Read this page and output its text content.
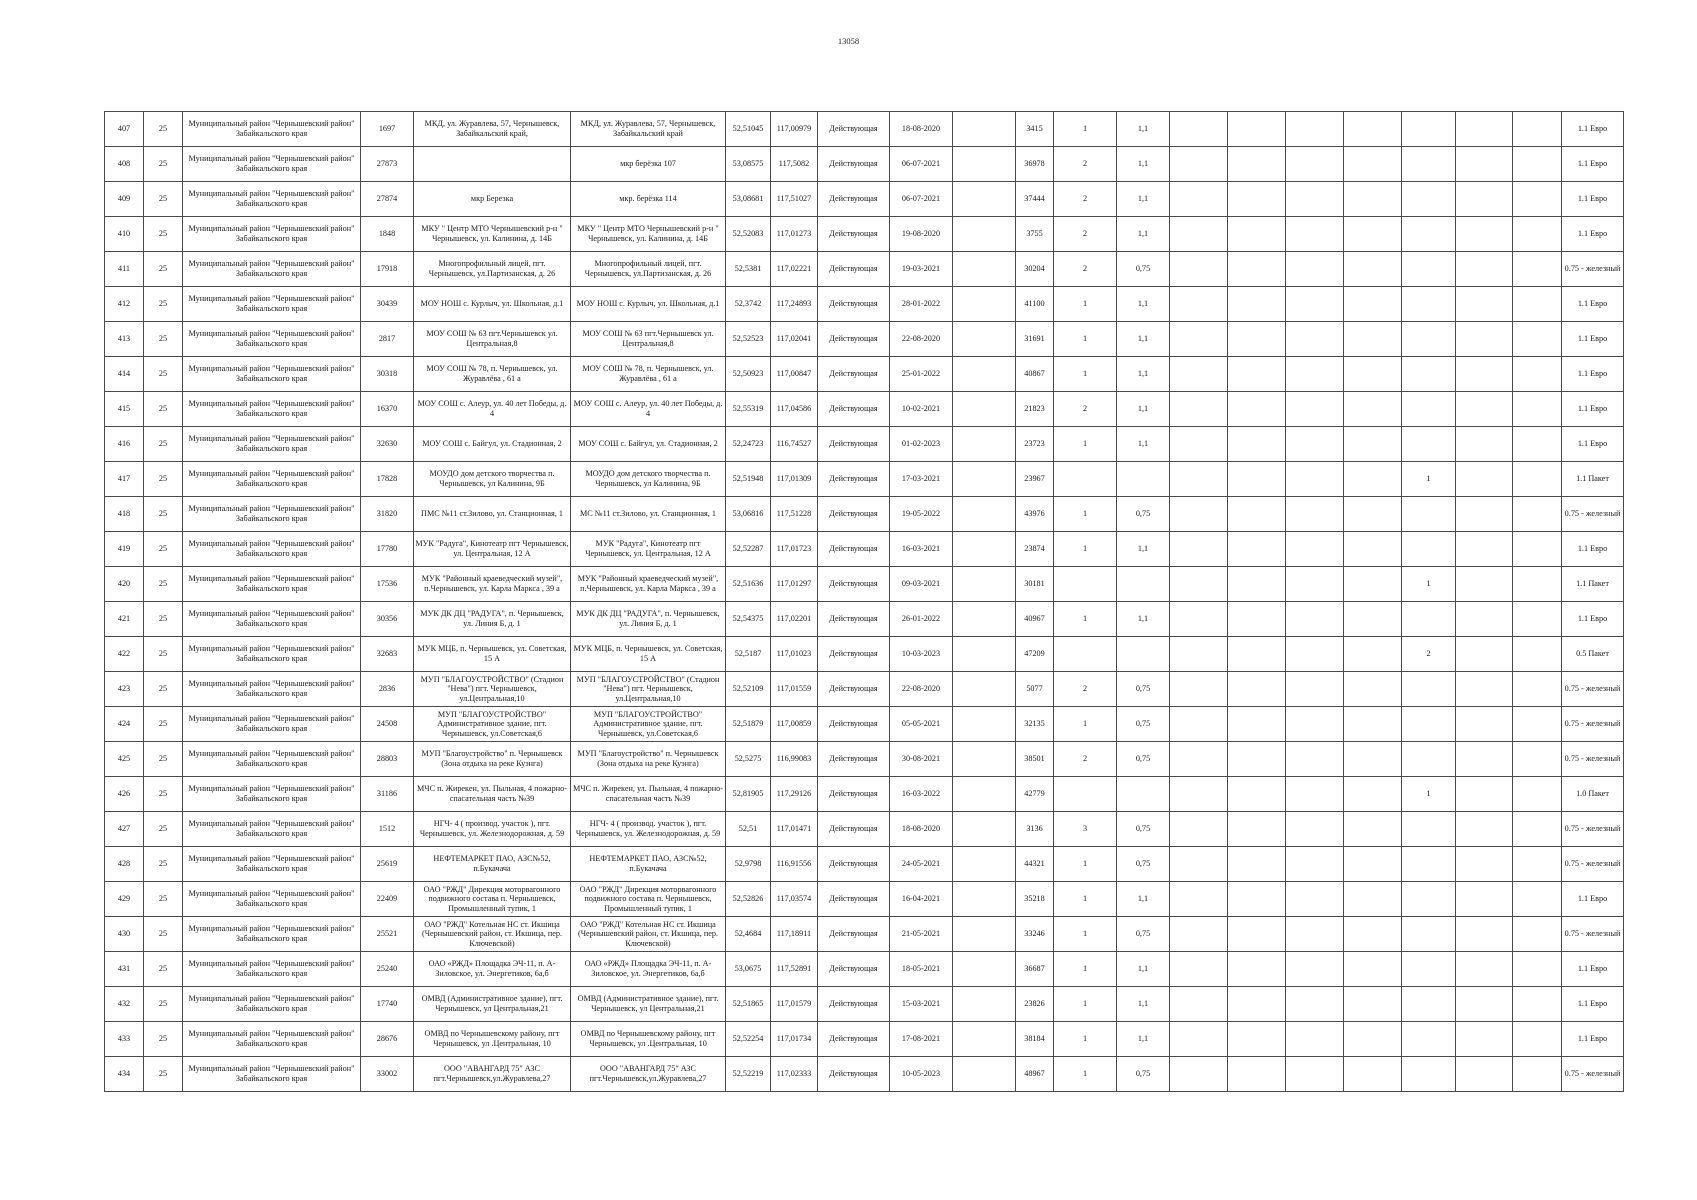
13058
407	25	Муниципальный район "Чернышевский район" Забайкальского края	1697	МКД, ул. Журавлева, 57, Чернышевск, Забайкальский край,	МКД, ул. Журавлева, 57, Чернышевск, Забайкальский край	52,51045	117,00979	Действующая	18-08-2020		3415	1	1,1								1.1 Евро
408	25	Муниципальный район "Чернышевский район" Забайкальского края	27873		мкр берёзка 107	53,08575	117,5082	Действующая	06-07-2021		36978	2	1,1								1.1 Евро
409	25	Муниципальный район "Чернышевский район" Забайкальского края	27874	мкр Березка	мкр. берёзка 114	53,08681	117,51027	Действующая	06-07-2021		37444	2	1,1								1.1 Евро
410	25	Муниципальный район "Чернышевский район" Забайкальского края	1848	МКУ " Центр МТО Чернышевский р-н " Чернышевск, ул. Калинина, д. 14Б	МКУ " Центр МТО Чернышевский р-н " Чернышевск, ул. Калинина, д. 14Б	52,52083	117,01273	Действующая	19-08-2020		3755	2	1,1								1.1 Евро
411	25	Муниципальный район "Чернышевский район" Забайкальского края	17918	Многопрофильный лицей, пгт. Чернышевск, ул.Партизанская, д. 26	Многопрофильный лицей, пгт. Чернышевск, ул.Партизанская, д. 26	52,5381	117,02221	Действующая	19-03-2021		30204	2	0,75								0.75 - железный
412	25	Муниципальный район "Чернышевский район" Забайкальского края	30439	МОУ НОШ с. Курлыч, ул. Школьная, д.1	МОУ НОШ с. Курлыч, ул. Школьная, д.1	52,3742	117,24893	Действующая	28-01-2022		41100	1	1,1								1.1 Евро
413	25	Муниципальный район "Чернышевский район" Забайкальского края	2817	МОУ СОШ № 63 пгт.Чернышевск ул. Центральная,8	МОУ СОШ № 63 пгт.Чернышевск ул. Центральная,8	52,52523	117,02041	Действующая	22-08-2020		31691	1	1,1								1.1 Евро
414	25	Муниципальный район "Чернышевский район" Забайкальского края	30318	МОУ СОШ № 78, п. Чернышевск, ул. Журавлёва , 61 а	МОУ СОШ № 78, п. Чернышевск, ул. Журавлёва , 61 а	52,50923	117,00847	Действующая	25-01-2022		40867	1	1,1								1.1 Евро
415	25	Муниципальный район "Чернышевский район" Забайкальского края	16370	МОУ СОШ с. Алеур, ул. 40 лет Победы, д. 4	МОУ СОШ с. Алеур, ул. 40 лет Победы, д. 4	52,55319	117,04586	Действующая	10-02-2021		21823	2	1,1								1.1 Евро
416	25	Муниципальный район "Чернышевский район" Забайкальского края	32630	МОУ СОШ с. Байгул, ул. Стадионная, 2	МОУ СОШ с. Байгул, ул. Стадионная, 2	52,24723	116,74527	Действующая	01-02-2023		23723	1	1,1								1.1 Евро
417	25	Муниципальный район "Чернышевский район" Забайкальского края	17828	МОУДО дом детского творчества п. Чернышевск, ул Калинина, 9Б	МОУДО дом детского творчества п. Чернышевск, ул Калинина, 9Б	52,51948	117,01309	Действующая	17-03-2021		23967							1			1.1 Пакет
418	25	Муниципальный район "Чернышевский район" Забайкальского края	31820	ПМС №11 ст.Зилово, ул. Станционная, 1	МС №11 ст.Зилово, ул. Станционная, 1	53,06816	117,51228	Действующая	19-05-2022		43976	1	0,75								0.75 - железный
419	25	Муниципальный район "Чернышевский район" Забайкальского края	17780	МУК "Радуга", Кинотеатр пгт Чернышевск, ул. Центральная, 12 А	МУК "Радуга", Кинотеатр пгт Чернышевск, ул. Центральная, 12 А	52,52287	117,01723	Действующая	16-03-2021		23874	1	1,1								1.1 Евро
420	25	Муниципальный район "Чернышевский район" Забайкальского края	17536	МУК "Районный краеведческий музей", п.Чернышевск, ул. Карла Маркса , 39 а	МУК "Районный краеведческий музей", п.Чернышевск, ул. Карла Маркса , 39 а	52,51636	117,01297	Действующая	09-03-2021		30181							1			1.1 Пакет
421	25	Муниципальный район "Чернышевский район" Забайкальского края	30356	МУК ДК ДЦ "РАДУГА", п. Чернышевск, ул. Линия Б, д. 1	МУК ДК ДЦ "РАДУГА", п. Чернышевск, ул. Линия Б, д. 1	52,54375	117,02201	Действующая	26-01-2022		40967	1	1,1								1.1 Евро
422	25	Муниципальный район "Чернышевский район" Забайкальского края	32683	МУК МЦБ, п. Чернышевск, ул. Советская, 15 А	МУК МЦБ, п. Чернышевск, ул. Советская, 15 А	52,5187	117,01023	Действующая	10-03-2023		47209							2			0.5 Пакет
423	25	Муниципальный район "Чернышевский район" Забайкальского края	2836	МУП "БЛАГОУСТРОЙСТВО" (Стадион "Нева") пгт. Чернышевск, ул.Центральная,10	МУП "БЛАГОУСТРОЙСТВО" (Стадион "Нева") пгт. Чернышевск, ул.Центральная,10	52,52109	117,01559	Действующая	22-08-2020		5077	2	0,75								0.75 - железный
424	25	Муниципальный район "Чернышевский район" Забайкальского края	24508	МУП "БЛАГОУСТРОЙСТВО" Административное здание, пгт. Чернышевск, ул.Советская,6	МУП "БЛАГОУСТРОЙСТВО" Административное здание, пгт. Чернышевск, ул.Советская,6	52,51879	117,00859	Действующая	05-05-2021		32135	1	0,75								0.75 - железный
425	25	Муниципальный район "Чернышевский район" Забайкальского края	28803	МУП "Благоустройство" п. Чернышевск (Зона отдыха на реке Куэнга)	МУП "Благоустройство" п. Чернышевск (Зона отдыха на реке Куэнга)	52,5275	116,99083	Действующая	30-08-2021		38501	2	0,75								0.75 - железный
426	25	Муниципальный район "Чернышевский район" Забайкальского края	31186	МЧС п. Жирекен, ул. Пыльная, 4 пожарно-спасательная часть №39	МЧС п. Жирекен, ул. Пыльная, 4 пожарно-спасательная часть №39	52,81905	117,29126	Действующая	16-03-2022		42779							1			1.0 Пакет
427	25	Муниципальный район "Чернышевский район" Забайкальского края	1512	НГЧ- 4 ( производ. участок ), пгт. Чернышевск, ул. Железнодорожная, д. 59	НГЧ- 4 ( производ. участок ), пгт. Чернышевск, ул. Железнодорожная, д. 59	52,51	117,01471	Действующая	18-08-2020		3136	3	0,75								0.75 - железный
428	25	Муниципальный район "Чернышевский район" Забайкальского края	25619	НЕФТЕМАРКЕТ ПАО, АЗС№52, п.Букачача	НЕФТЕМАРКЕТ ПАО, АЗС№52, п.Букачача	52,9798	116,91556	Действующая	24-05-2021		44321	1	0,75								0.75 - железный
429	25	Муниципальный район "Чернышевский район" Забайкальского края	22409	ОАО "РЖД" Дирекция моторвагонного подвижного состава п. Чернышевск, Промышленный тупик, 1	ОАО "РЖД" Дирекция моторвагонного подвижного состава п. Чернышевск, Промышленный тупик, 1	52,52826	117,03574	Действующая	16-04-2021		35218	1	1,1								1.1 Евро
430	25	Муниципальный район "Чернышевский район" Забайкальского края	25521	ОАО "РЖД" Котельная НС ст. Икшица (Чернышевский район, ст. Икшица, пер. Ключевской)	ОАО "РЖД" Котельная НС ст. Икшица (Чернышевский район, ст. Икшица, пер. Ключевской)	52,4684	117,18911	Действующая	21-05-2021		33246	1	0,75								0.75 - железный
431	25	Муниципальный район "Чернышевский район" Забайкальского края	25240	ОАО «РЖД» Площадка ЭЧ-11, п. А-Зиловское, ул. Энергетиков, 6а,б	ОАО «РЖД» Площадка ЭЧ-11, п. А-Зиловское, ул. Энергетиков, 6а,б	53,0675	117,52891	Действующая	18-05-2021		36687	1	1,1								1.1 Евро
432	25	Муниципальный район "Чернышевский район" Забайкальского края	17740	ОМВД (Административное здание), пгт. Чернышевск, ул Центральная,21	ОМВД (Административное здание), пгт. Чернышевск, ул Центральная,21	52,51865	117,01579	Действующая	15-03-2021		23826	1	1,1								1.1 Евро
433	25	Муниципальный район "Чернышевский район" Забайкальского края	28676	ОМВД по Чернышевскому району, пгт Чернышевск, ул .Центральная, 10	ОМВД по Чернышевскому району, пгт Чернышевск, ул .Центральная, 10	52,52254	117,01734	Действующая	17-08-2021		38184	1	1,1								1.1 Евро
434	25	Муниципальный район "Чернышевский район" Забайкальского края	33002	ООО "АВАНГАРД 75" АЗС пгт.Чернышевск,ул.Журавлева,27	ООО "АВАНГАРД 75" АЗС пгт.Чернышевск,ул.Журавлева,27	52,52219	117,02333	Действующая	10-05-2023		48967	1	0,75								0.75 - железный
